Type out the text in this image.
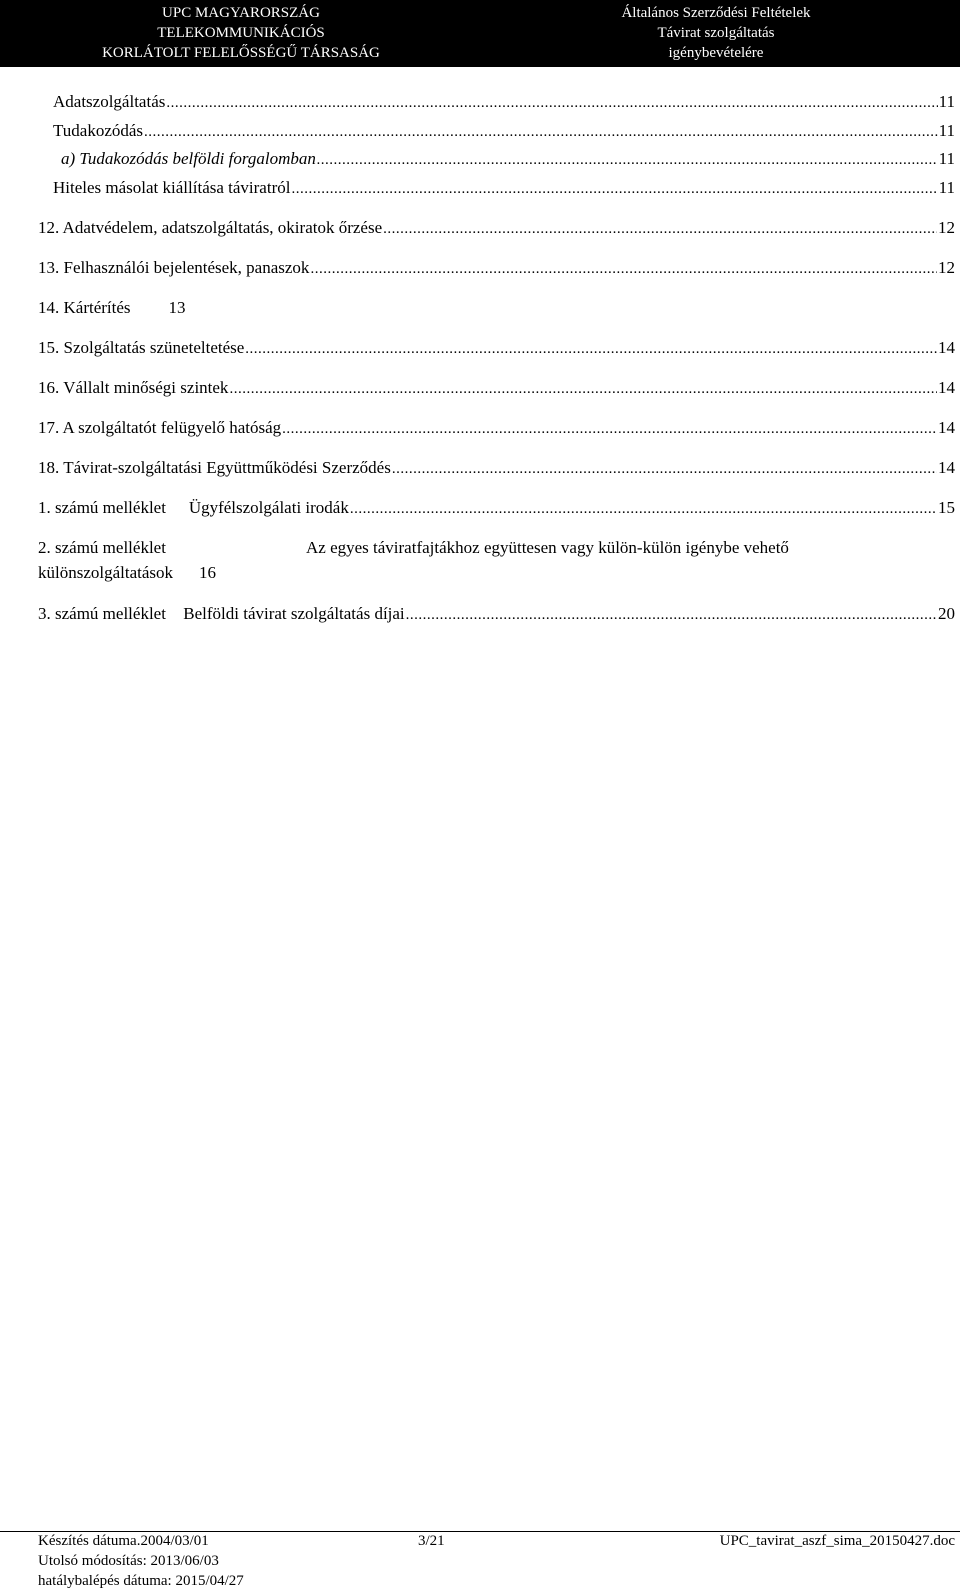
UPC MAGYARORSZÁG
TELEKOMMUNIKÁCIÓS
KORLÁTOLT FELELŐSSÉGŰ TÁRSASÁG
Általános Szerződési Feltételek
Távirat szolgáltatás
igénybevételére
Adatszolgáltatás .....	11
Tudakozódás .....	11
a) Tudakozódás belföldi forgalomban .....	11
Hiteles másolat kiállítása táviratról .....	11
12. Adatvédelem, adatszolgáltatás, okiratok őrzése .....	12
13. Felhasználói bejelentések, panaszok .....	12
14. Kártérítés 13
15. Szolgáltatás szüneteltetése .....	14
16. Vállalt minőségi szintek .....	14
17. A szolgáltatót felügyelő hatóság .....	14
18. Távirat-szolgáltatási Együttműködési Szerződés .....	14
1. számú melléklet Ügyfélszolgálati irodák .....	15
2. számú melléklet	Az egyes táviratfajtákhoz együttesen vagy külön-külön igénybe vehető
különszolgáltatások 16
3. számú melléklet Belföldi távirat szolgáltatás díjai .....	20
Készítés dátuma.2004/03/01
Utolsó módosítás: 2013/06/03
hatálybalépés dátuma: 2015/04/27
3/21	UPC_tavirat_aszf_sima_20150427.doc
